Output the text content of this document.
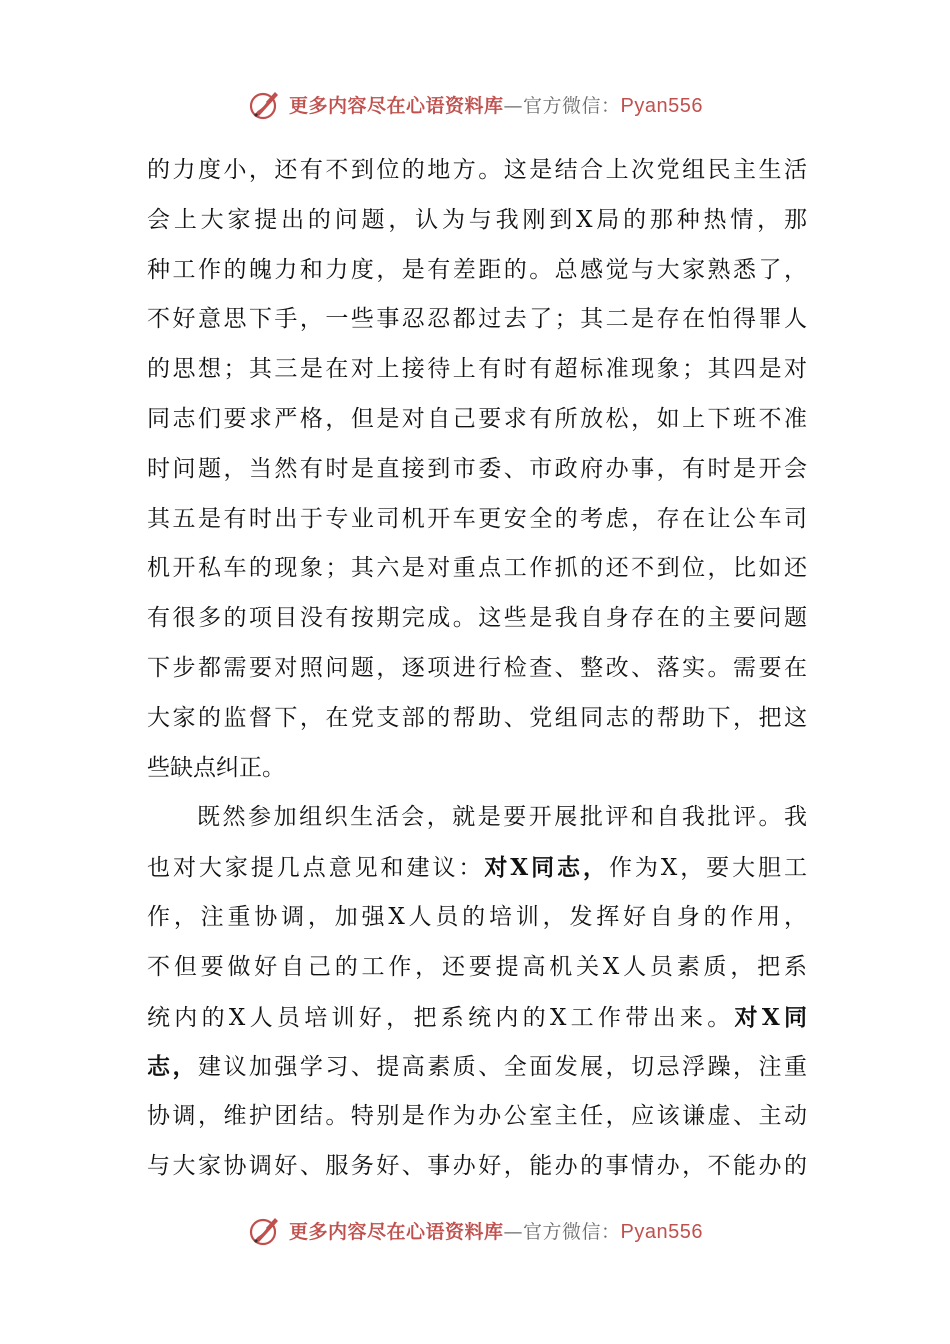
更多内容尽在心语资料库—官方微信：Pyan556
的力度小，还有不到位的地方。这是结合上次党组民主生活
会上大家提出的问题，认为与我刚到X局的那种热情，那
种工作的魄力和力度，是有差距的。总感觉与大家熟悉了，
不好意思下手，一些事忍忍都过去了；其二是存在怕得罪人
的思想；其三是在对上接待上有时有超标准现象；其四是对
同志们要求严格，但是对自己要求有所放松，如上下班不准
时问题，当然有时是直接到市委、市政府办事，有时是开会
其五是有时出于专业司机开车更安全的考虑，存在让公车司
机开私车的现象；其六是对重点工作抓的还不到位，比如还
有很多的项目没有按期完成。这些是我自身存在的主要问题
下步都需要对照问题，逐项进行检查、整改、落实。需要在
大家的监督下，在党支部的帮助、党组同志的帮助下，把这
些缺点纠正。
既然参加组织生活会，就是要开展批评和自我批评。我
也对大家提几点意见和建议：对X同志，作为X，要大胆工
作，注重协调，加强X人员的培训，发挥好自身的作用，
不但要做好自己的工作，还要提高机关X人员素质，把系
统内的X人员培训好，把系统内的X工作带出来。对X同
志，建议加强学习、提高素质、全面发展，切忌浮躁，注重
协调，维护团结。特别是作为办公室主任，应该谦虚、主动
与大家协调好、服务好、事办好，能办的事情办，不能办的
更多内容尽在心语资料库—官方微信：Pyan556
